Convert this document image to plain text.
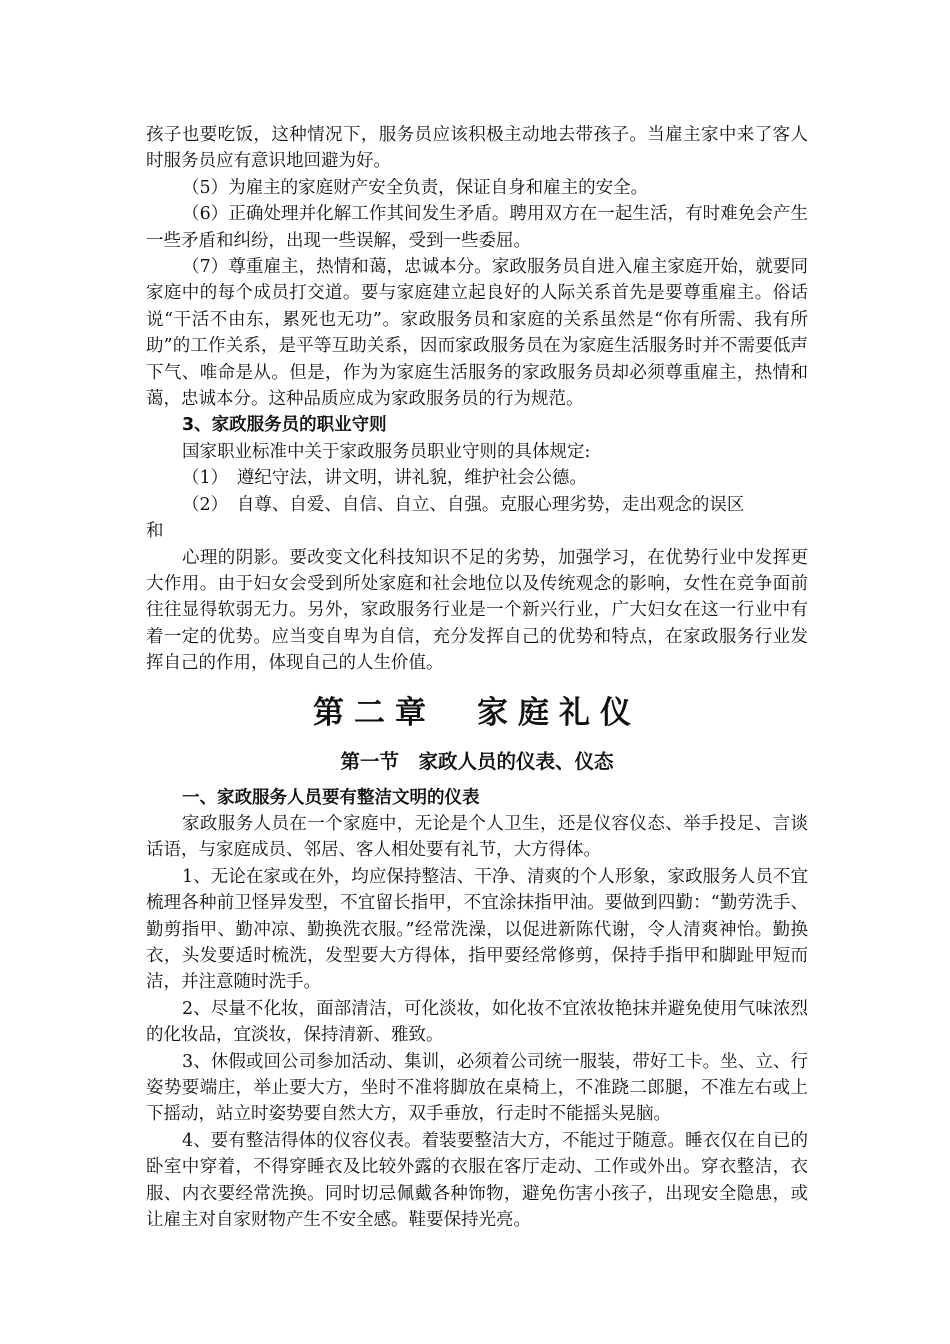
孩子也要吃饭，这种情况下，服务员应该积极主动地去带孩子。当雇主家中来了客人时服务员应有意识地回避为好。

（5）为雇主的家庭财产安全负责，保证自身和雇主的安全。

（6）正确处理并化解工作其间发生矛盾。聘用双方在一起生活，有时难免会产生一些矛盾和纠纷，出现一些误解，受到一些委屈。

（7）尊重雇主，热情和蔼，忠诚本分。家政服务员自进入雇主家庭开始，就要同家庭中的每个成员打交道。要与家庭建立起良好的人际关系首先是要尊重雇主。俗话说“干活不由东，累死也无功”。家政服务员和家庭的关系虽然是“你有所需、我有所助”的工作关系，是平等互助关系，因而家政服务员在为家庭生活服务时并不需要低声下气、唯命是从。但是，作为为家庭生活服务的家政服务员却必须尊重雇主，热情和蔼，忠诚本分。这种品质应成为家政服务员的行为规范。

3、家政服务员的职业守则

国家职业标准中关于家政服务员职业守则的具体规定:

（1）　遵纪守法，讲文明，讲礼貌，维护社会公德。

（2）　自尊、自爱、自信、自立、自强。克服心理劣势，走出观念的误区

和

心理的阴影。要改变文化科技知识不足的劣势，加强学习，在优势行业中发挥更大作用。由于妇女会受到所处家庭和社会地位以及传统观念的影响，女性在竞争面前往往显得软弱无力。另外，家政服务行业是一个新兴行业，广大妇女在这一行业中有着一定的优势。应当变自卑为自信，充分发挥自己的优势和特点，在家政服务行业发挥自己的作用，体现自己的人生价值。

第二章　家庭礼仪
第一节　家政人员的仪表、仪态

一、家政服务人员要有整洁文明的仪表

家政服务人员在一个家庭中，无论是个人卫生，还是仪容仪态、举手投足、言谈话语，与家庭成员、邻居、客人相处要有礼节，大方得体。

1、无论在家或在外，均应保持整洁、干净、清爽的个人形象，家政服务人员不宜梳理各种前卫怪异发型，不宜留长指甲，不宜涂抹指甲油。要做到四勤：“勤劳洗手、勤剪指甲、勤冲凉、勤换洗衣服。”经常洗澡，以促进新陈代谢，令人清爽神怡。勤换衣，头发要适时梳洗，发型要大方得体，指甲要经常修剪，保持手指甲和脚趾甲短而洁，并注意随时洗手。

2、尽量不化妆，面部清洁，可化淡妆，如化妆不宜浓妆艳抹并避免使用气味浓烈的化妆品，宜淡妆，保持清新、雅致。

3、休假或回公司参加活动、集训，必须着公司统一服装，带好工卡。坐、立、行姿势要端庄，举止要大方，坐时不准将脚放在桌椅上，不准跷二郎腿，不准左右或上下摇动，站立时姿势要自然大方，双手垂放，行走时不能摇头晃脑。

4、要有整洁得体的仪容仪表。着装要整洁大方，不能过于随意。睡衣仅在自已的卧室中穿着，不得穿睡衣及比较外露的衣服在客厅走动、工作或外出。穿衣整洁，衣服、内衣要经常洗换。同时切忌佩戴各种饰物，避免伤害小孩子，出现安全隐患，或让雇主对自家财物产生不安全感。鞋要保持光亮。
